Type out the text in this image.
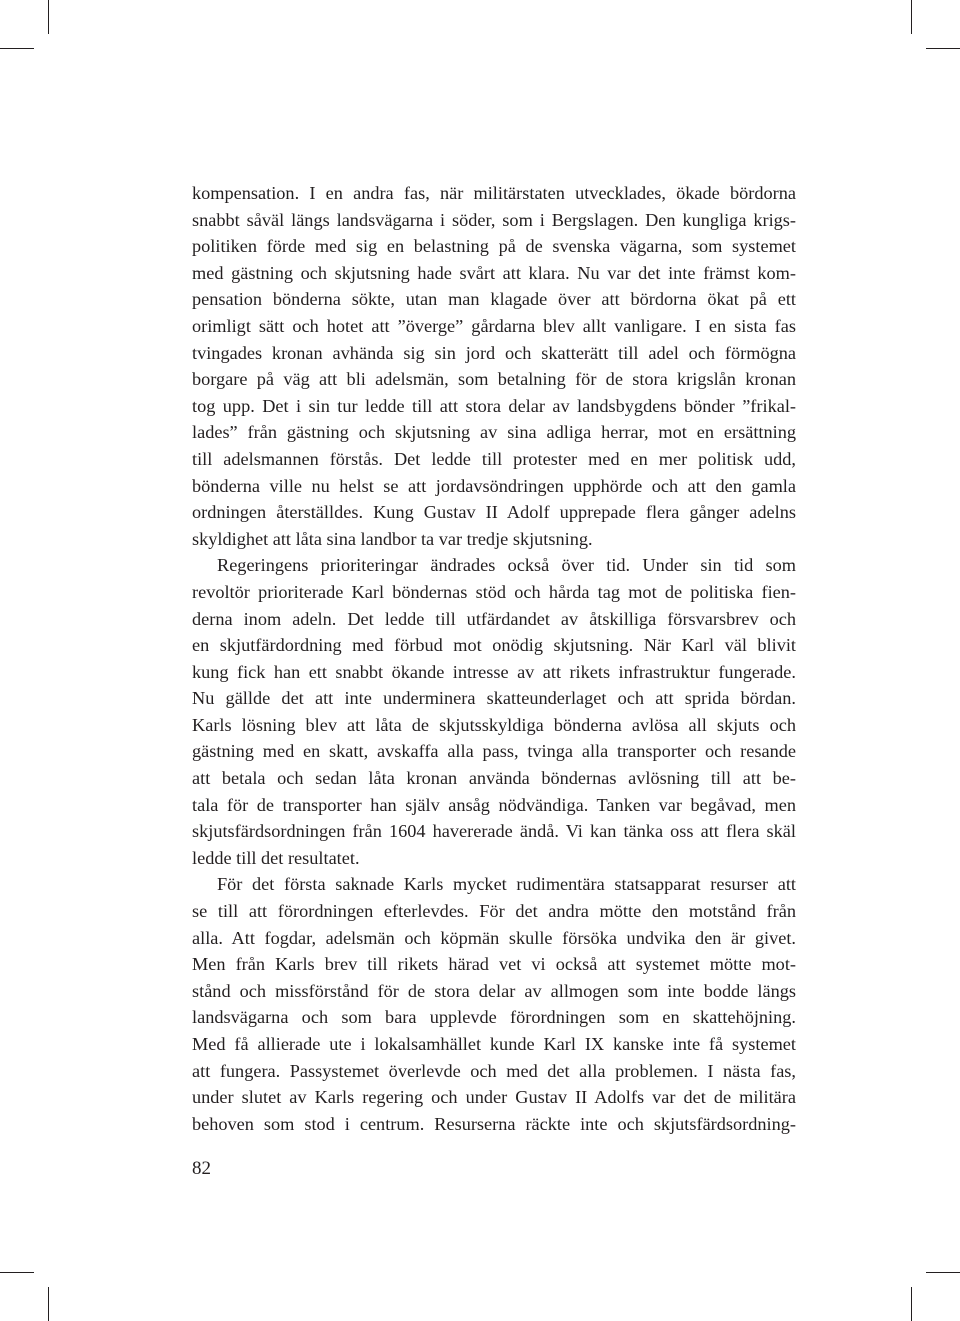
kompensation. I en andra fas, när militärstaten utvecklades, ökade bördorna
snabbt såväl längs landsvägarna i söder, som i Bergslagen. Den kungliga krigs-
politiken förde med sig en belastning på de svenska vägarna, som systemet
med gästning och skjutsning hade svårt att klara. Nu var det inte främst kom-
pensation bönderna sökte, utan man klagade över att bördorna ökat på ett
orimligt sätt och hotet att ”överge” gårdarna blev allt vanligare. I en sista fas
tvingades kronan avhända sig sin jord och skatterätt till adel och förmögna
borgare på väg att bli adelsmän, som betalning för de stora krigslån kronan
tog upp. Det i sin tur ledde till att stora delar av landsbygdens bönder ”frikal-
lades” från gästning och skjutsning av sina adliga herrar, mot en ersättning
till adelsmannen förstås. Det ledde till protester med en mer politisk udd,
bönderna ville nu helst se att jordavsöndringen upphörde och att den gamla
ordningen återställdes. Kung Gustav II Adolf upprepade flera gånger adelns
skyldighet att låta sina landbor ta var tredje skjutsning.
Regeringens prioriteringar ändrades också över tid. Under sin tid som
revoltör prioriterade Karl böndernas stöd och hårda tag mot de politiska fien-
derna inom adeln. Det ledde till utfärdandet av åtskilliga försvarsbrev och
en skjutfärdordning med förbud mot onödig skjutsning. När Karl väl blivit
kung fick han ett snabbt ökande intresse av att rikets infrastruktur fungerade.
Nu gällde det att inte underminera skatteunderlaget och att sprida bördan.
Karls lösning blev att låta de skjutsskyldiga bönderna avlösa all skjuts och
gästning med en skatt, avskaffa alla pass, tvinga alla transporter och resande
att betala och sedan låta kronan använda böndernas avlösning till att be-
tala för de transporter han själv ansåg nödvändiga. Tanken var begåvad, men
skjutsfärdsordningen från 1604 havererade ändå. Vi kan tänka oss att flera skäl
ledde till det resultatet.
För det första saknade Karls mycket rudimentära statsapparat resurser att
se till att förordningen efterlevdes. För det andra mötte den motstånd från
alla. Att fogdar, adelsmän och köpmän skulle försöka undvika den är givet.
Men från Karls brev till rikets härad vet vi också att systemet mötte mot-
stånd och missförstånd för de stora delar av allmogen som inte bodde längs
landsvägarna och som bara upplevde förordningen som en skattehöjning.
Med få allierade ute i lokalsamhället kunde Karl IX kanske inte få systemet
att fungera. Passystemet överlevde och med det alla problemen. I nästa fas,
under slutet av Karls regering och under Gustav II Adolfs var det de militära
behoven som stod i centrum. Resurserna räckte inte och skjutsfärdsordning-
82
